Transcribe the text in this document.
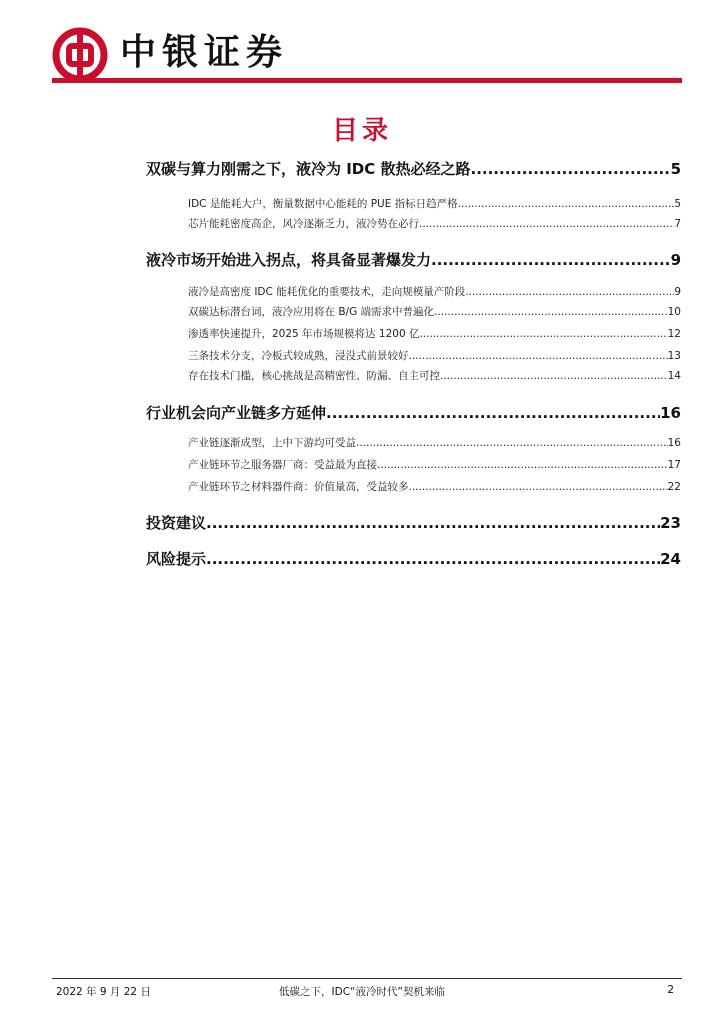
中银证券
目录
双碳与算力刚需之下，液冷为 IDC 散热必经之路 .....	5
IDC 是能耗大户，衡量数据中心能耗的 PUE 指标日趋严格 .....	5
芯片能耗密度高企，风冷逐渐乏力，液冷势在必行 .....	7
液冷市场开始进入拐点，将具备显著爆发力 .....	9
液冷是高密度 IDC 能耗优化的重要技术，走向规模量产阶段 .....	9
双碳达标潜台词，液冷应用将在 B/G 端需求中普遍化 .....	10
渗透率快速提升，2025 年市场规模将达 1200 亿 .....	12
三条技术分支，冷板式较成熟，浸没式前景较好 .....	13
存在技术门槛，核心挑战是高精密性、防漏、自主可控 .....	14
行业机会向产业链多方延伸 .....	16
产业链逐渐成型，上中下游均可受益 .....	16
产业链环节之服务器厂商：受益最为直接 .....	17
产业链环节之材料器件商：价值量高，受益较多 .....	22
投资建议 .....	23
风险提示 .....	24
2022 年 9 月 22 日	低碳之下，IDC“液冷时代”契机来临	2
